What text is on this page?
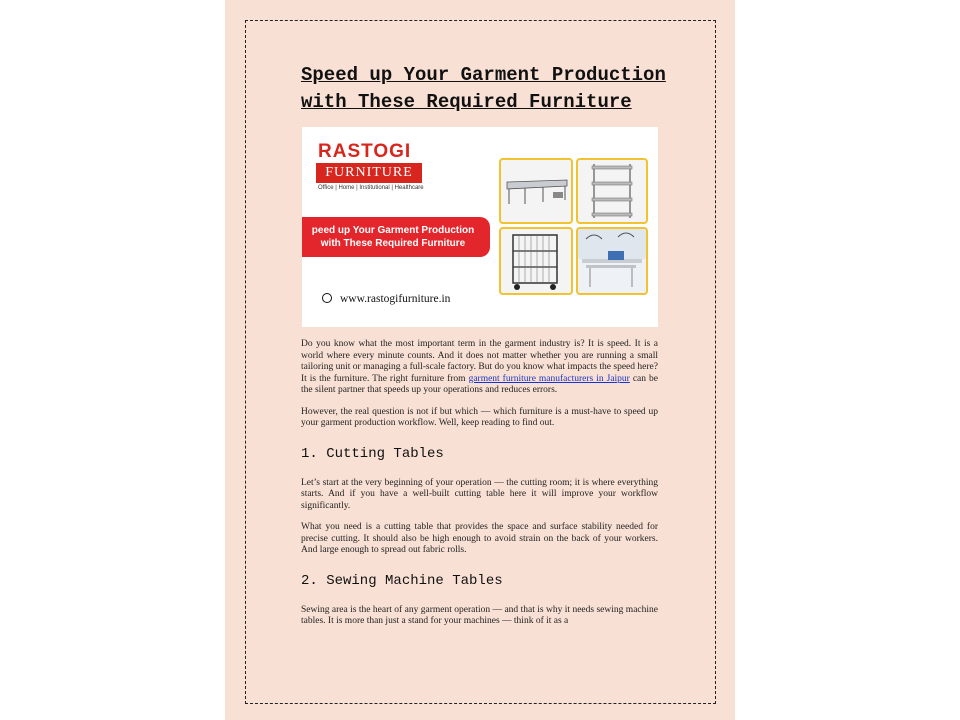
Speed up Your Garment Production
with These Required Furniture
RASTOGI
FURNITURE
Office | Home | Institutional | Healthcare
peed up Your Garment Production
with These Required Furniture
www.rastogifurniture.in

Do you know what the most important term in the garment industry is? It is speed. It is a world where every minute counts. And it does not matter whether you are running a small tailoring unit or managing a full-scale factory. But do you know what impacts the speed here? It is the furniture. The right furniture from garment furniture manufacturers in Jaipur can be the silent partner that speeds up your operations and reduces errors.

However, the real question is not if but which — which furniture is a must-have to speed up your garment production workflow. Well, keep reading to find out.

1. Cutting Tables

Let’s start at the very beginning of your operation — the cutting room; it is where everything starts. And if you have a well-built cutting table here it will improve your workflow significantly.

What you need is a cutting table that provides the space and surface stability needed for precise cutting. It should also be high enough to avoid strain on the back of your workers. And large enough to spread out fabric rolls.

2. Sewing Machine Tables

Sewing area is the heart of any garment operation — and that is why it needs sewing machine tables. It is more than just a stand for your machines — think of it as a
